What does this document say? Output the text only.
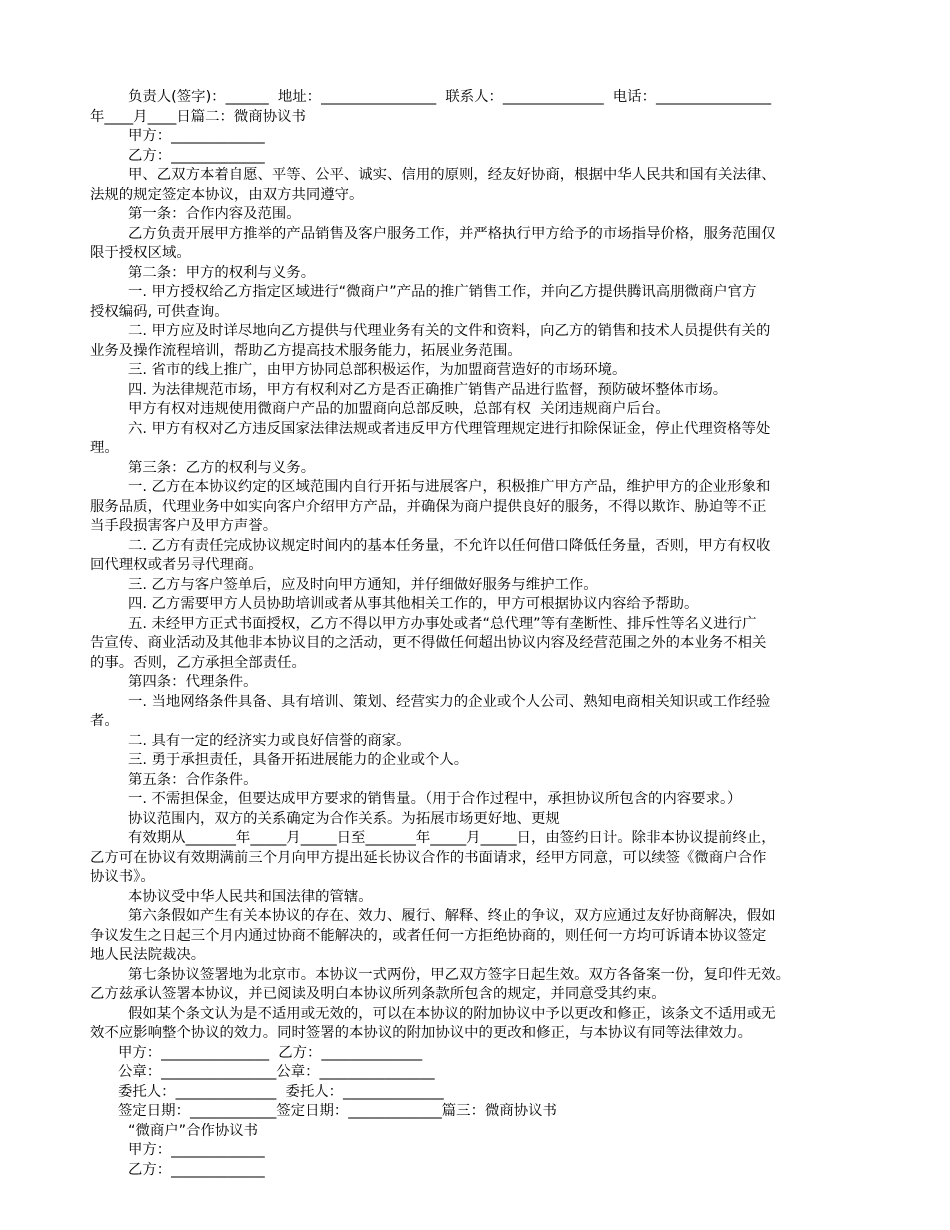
负责人(签字)：______  地址：________________  联系人：______________  电话：________________
年____月____日篇二：微商协议书
甲方：_____________
乙方：_____________
甲、乙双方本着自愿、平等、公平、诚实、信用的原则，经友好协商，根据中华人民共和国有关法律、
法规的规定签定本协议，由双方共同遵守。
第一条：合作内容及范围。
乙方负责开展甲方推举的产品销售及客户服务工作，并严格执行甲方给予的市场指导价格，服务范围仅
限于授权区域。
第二条：甲方的权利与义务。
一. 甲方授权给乙方指定区域进行“微商户”产品的推广销售工作，并向乙方提供腾讯高朋微商户官方
授权编码, 可供查询。
二. 甲方应及时详尽地向乙方提供与代理业务有关的文件和资料，向乙方的销售和技术人员提供有关的
业务及操作流程培训，帮助乙方提高技术服务能力，拓展业务范围。
三. 省市的线上推广，由甲方协同总部积极运作，为加盟商营造好的市场环境。
四. 为法律规范市场，甲方有权利对乙方是否正确推广销售产品进行监督，预防破坏整体市场。
甲方有权对违规使用微商户产品的加盟商向总部反映，总部有权  关闭违规商户后台。
六. 甲方有权对乙方违反国家法律法规或者违反甲方代理管理规定进行扣除保证金，停止代理资格等处
理。
第三条：乙方的权利与义务。
一. 乙方在本协议约定的区域范围内自行开拓与进展客户，积极推广甲方产品，维护甲方的企业形象和
服务品质，代理业务中如实向客户介绍甲方产品，并确保为商户提供良好的服务，不得以欺诈、胁迫等不正
当手段损害客户及甲方声誉。
二. 乙方有责任完成协议规定时间内的基本任务量，不允许以任何借口降低任务量，否则，甲方有权收
回代理权或者另寻代理商。
三. 乙方与客户签单后，应及时向甲方通知，并仔细做好服务与维护工作。
四. 乙方需要甲方人员协助培训或者从事其他相关工作的，甲方可根据协议内容给予帮助。
五. 未经甲方正式书面授权，乙方不得以甲方办事处或者“总代理”等有垄断性、排斥性等名义进行广
告宣传、商业活动及其他非本协议目的之活动，更不得做任何超出协议内容及经营范围之外的本业务不相关
的事。否则，乙方承担全部责任。
第四条：代理条件。
一. 当地网络条件具备、具有培训、策划、经营实力的企业或个人公司、熟知电商相关知识或工作经验
者。
二. 具有一定的经济实力或良好信誉的商家。
三. 勇于承担责任，具备开拓进展能力的企业或个人。
第五条：合作条件。
一. 不需担保金，但要达成甲方要求的销售量。（用于合作过程中，承担协议所包含的内容要求。）
协议范围内，双方的关系确定为合作关系。为拓展市场更好地、更规
有效期从_______年_____月_____日至_______年_____月_____日，由签约日计。除非本协议提前终止，
乙方可在协议有效期满前三个月向甲方提出延长协议合作的书面请求，经甲方同意，可以续签《微商户合作
协议书》。
本协议受中华人民共和国法律的管辖。
第六条假如产生有关本协议的存在、效力、履行、解释、终止的争议，双方应通过友好协商解决，假如
争议发生之日起三个月内通过协商不能解决的，或者任何一方拒绝协商的，则任何一方均可诉请本协议签定
地人民法院裁决。
第七条协议签署地为北京市。本协议一式两份，甲乙双方签字日起生效。双方各备案一份，复印件无效。
乙方兹承认签署本协议，并已阅读及明白本协议所列条款所包含的规定，并同意受其约束。
假如某个条文认为是不适用或无效的，可以在本协议的附加协议中予以更改和修正，该条文不适用或无
效不应影响整个协议的效力。同时签署的本协议的附加协议中的更改和修正，与本协议有同等法律效力。
甲方：_______________  乙方：______________
公章：________________公章：________________
委托人：______________  委托人：______________
签定日期：____________签定日期：_____________篇三：微商协议书
“微商户”合作协议书
甲方：_____________
乙方：_____________
